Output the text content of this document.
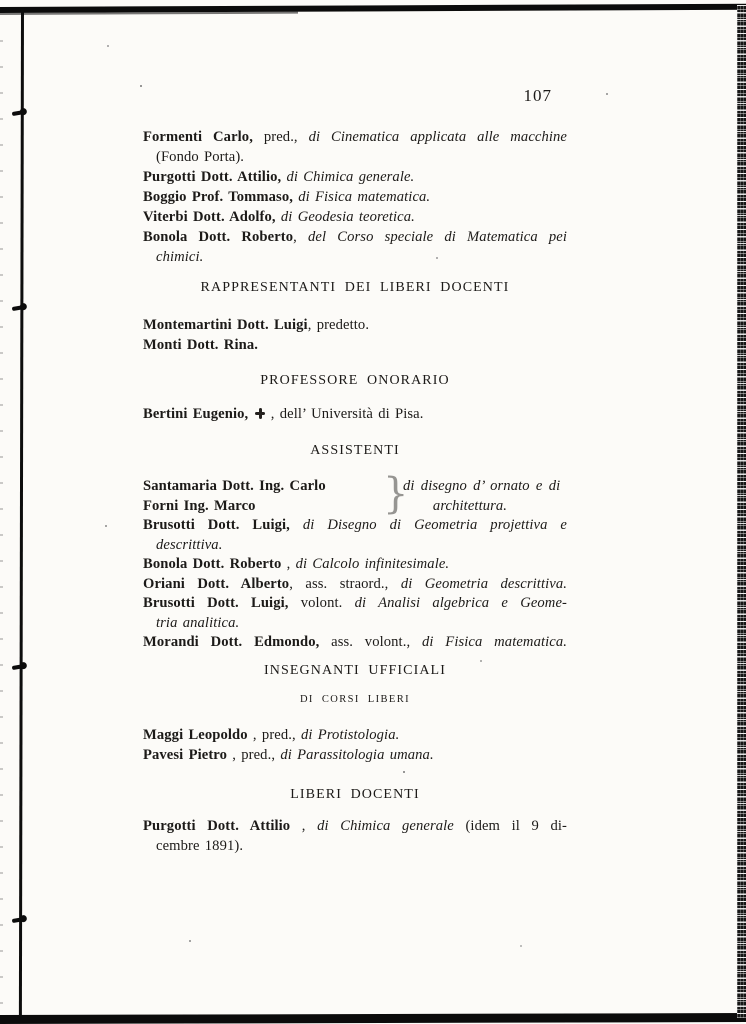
107
Formenti Carlo, pred., di Cinematica applicata alle macchine
(Fondo Porta).
Purgotti Dott. Attilio, di Chimica generale.
Boggio Prof. Tommaso, di Fisica matematica.
Viterbi Dott. Adolfo, di Geodesia teoretica.
Bonola Dott. Roberto, del Corso speciale di Matematica pei
chimici.
RAPPRESENTANTI DEI LIBERI DOCENTI
Montemartini Dott. Luigi, predetto.
Monti Dott. Rina.
PROFESSORE ONORARIO
Bertini Eugenio,  , dell’ Università di Pisa.
ASSISTENTI
Santamaria Dott. Ing. Carlo
Forni Ing. Marco	}
di disegno d’ ornato e di
architettura.
Brusotti Dott. Luigi, di Disegno di Geometria projettiva e
descrittiva.
Bonola Dott. Roberto , di Calcolo infinitesimale.
Oriani Dott. Alberto, ass. straord., di Geometria descrittiva.
Brusotti Dott. Luigi, volont. di Analisi algebrica e Geome-
tria analitica.
Morandi Dott. Edmondo, ass. volont., di Fisica matematica.
INSEGNANTI UFFICIALI
DI CORSI LIBERI
Maggi Leopoldo , pred., di Protistologia.
Pavesi Pietro , pred., di Parassitologia umana.
LIBERI DOCENTI
Purgotti Dott. Attilio , di Chimica generale (idem il 9 di-
cembre 1891).
